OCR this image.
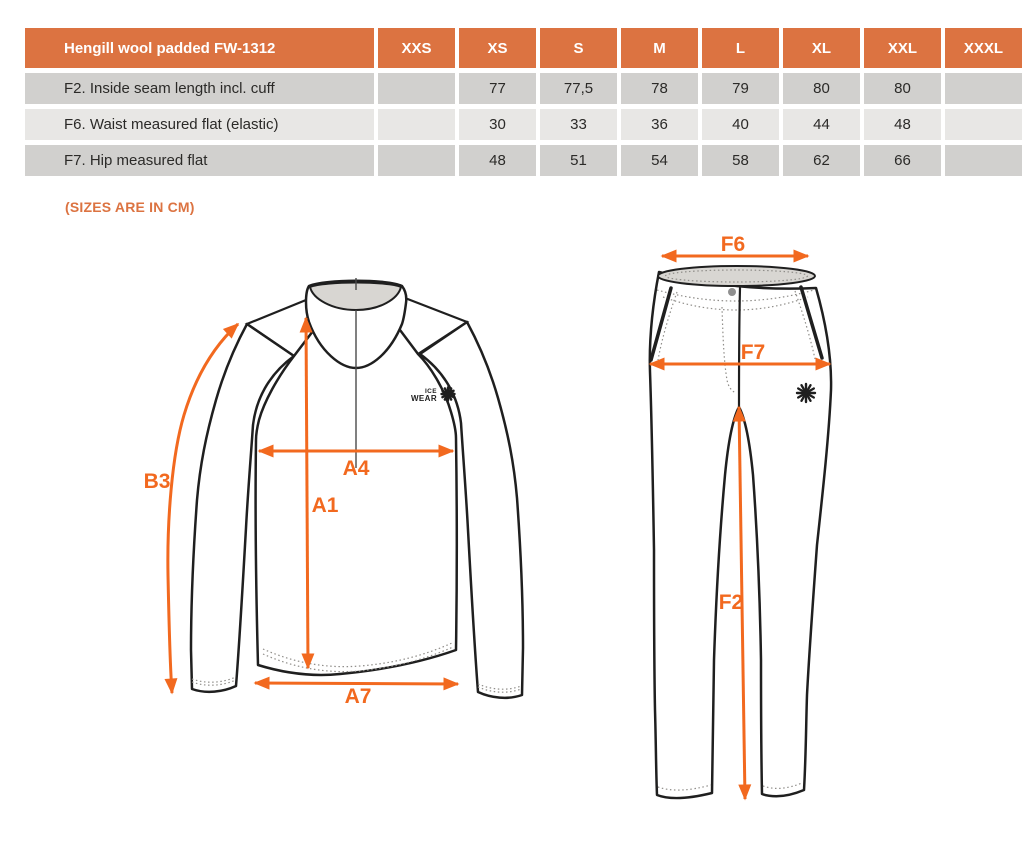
Hengill wool padded FW-1312	XXS	XS	S	M	L	XL	XXL	XXXL
F2. Inside seam length incl. cuff		77	77,5	78	79	80	80	
F6. Waist measured flat (elastic)		30	33	36	40	44	48	
F7. Hip measured flat		48	51	54	58	62	66	
(SIZES ARE IN CM)
ICE
WEAR
B3
A4
A1
A7
F6
F7
F2
